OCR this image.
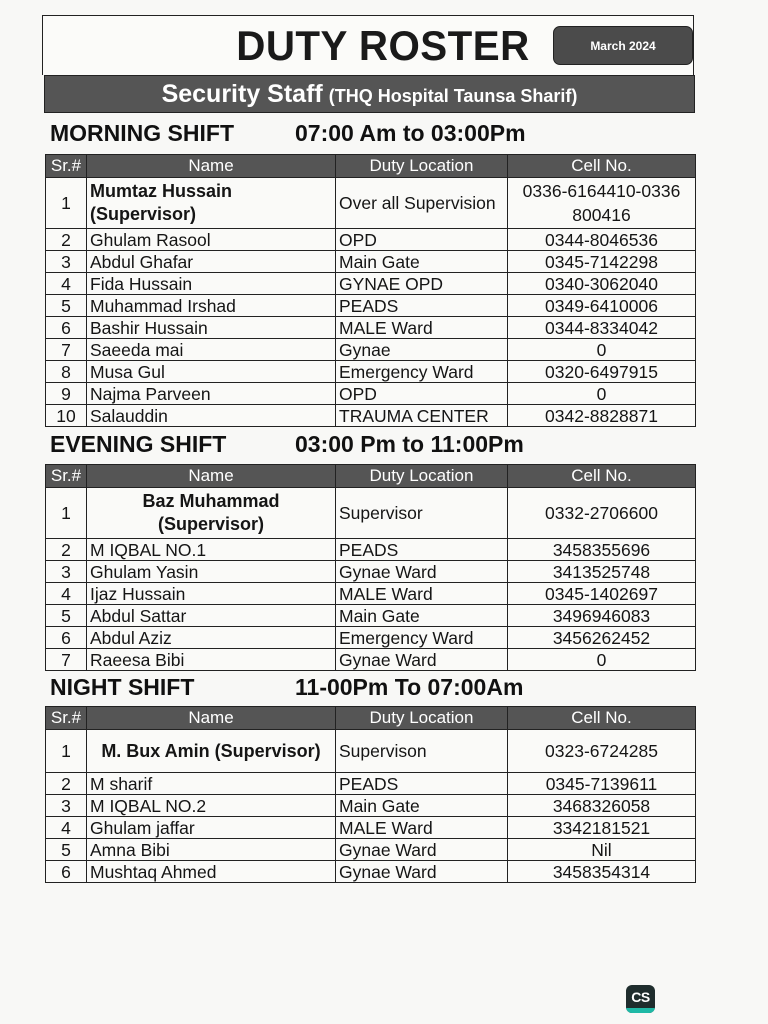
DUTY ROSTER	March 2024
Security Staff (THQ Hospital Taunsa Sharif)
MORNING SHIFT	07:00 Am to 03:00Pm
Sr.#	Name	Duty Location	Cell No.
1	Mumtaz Hussain (Supervisor)	Over all Supervision	0336-6164410-0336800416
2	Ghulam Rasool	OPD	0344-8046536
3	Abdul Ghafar	Main Gate	0345-7142298
4	Fida Hussain	GYNAE OPD	0340-3062040
5	Muhammad Irshad	PEADS	0349-6410006
6	Bashir Hussain	MALE Ward	0344-8334042
7	Saeeda mai	Gynae	0
8	Musa Gul	Emergency Ward	0320-6497915
9	Najma Parveen	OPD	0
10	Salauddin	TRAUMA CENTER	0342-8828871
EVENING SHIFT	03:00 Pm to 11:00Pm
Sr.#	Name	Duty Location	Cell No.
1	Baz Muhammad (Supervisor)	Supervisor	0332-2706600
2	M IQBAL NO.1	PEADS	3458355696
3	Ghulam Yasin	Gynae Ward	3413525748
4	Ijaz Hussain	MALE Ward	0345-1402697
5	Abdul Sattar	Main Gate	3496946083
6	Abdul Aziz	Emergency Ward	3456262452
7	Raeesa Bibi	Gynae Ward	0
NIGHT SHIFT	11-00Pm To 07:00Am
Sr.#	Name	Duty Location	Cell No.
1	M. Bux Amin (Supervisor)	Supervison	0323-6724285
2	M sharif	PEADS	0345-7139611
3	M IQBAL NO.2	Main Gate	3468326058
4	Ghulam jaffar	MALE Ward	3342181521
5	Amna Bibi	Gynae Ward	Nil
6	Mushtaq Ahmed	Gynae Ward	3458354314
CS
